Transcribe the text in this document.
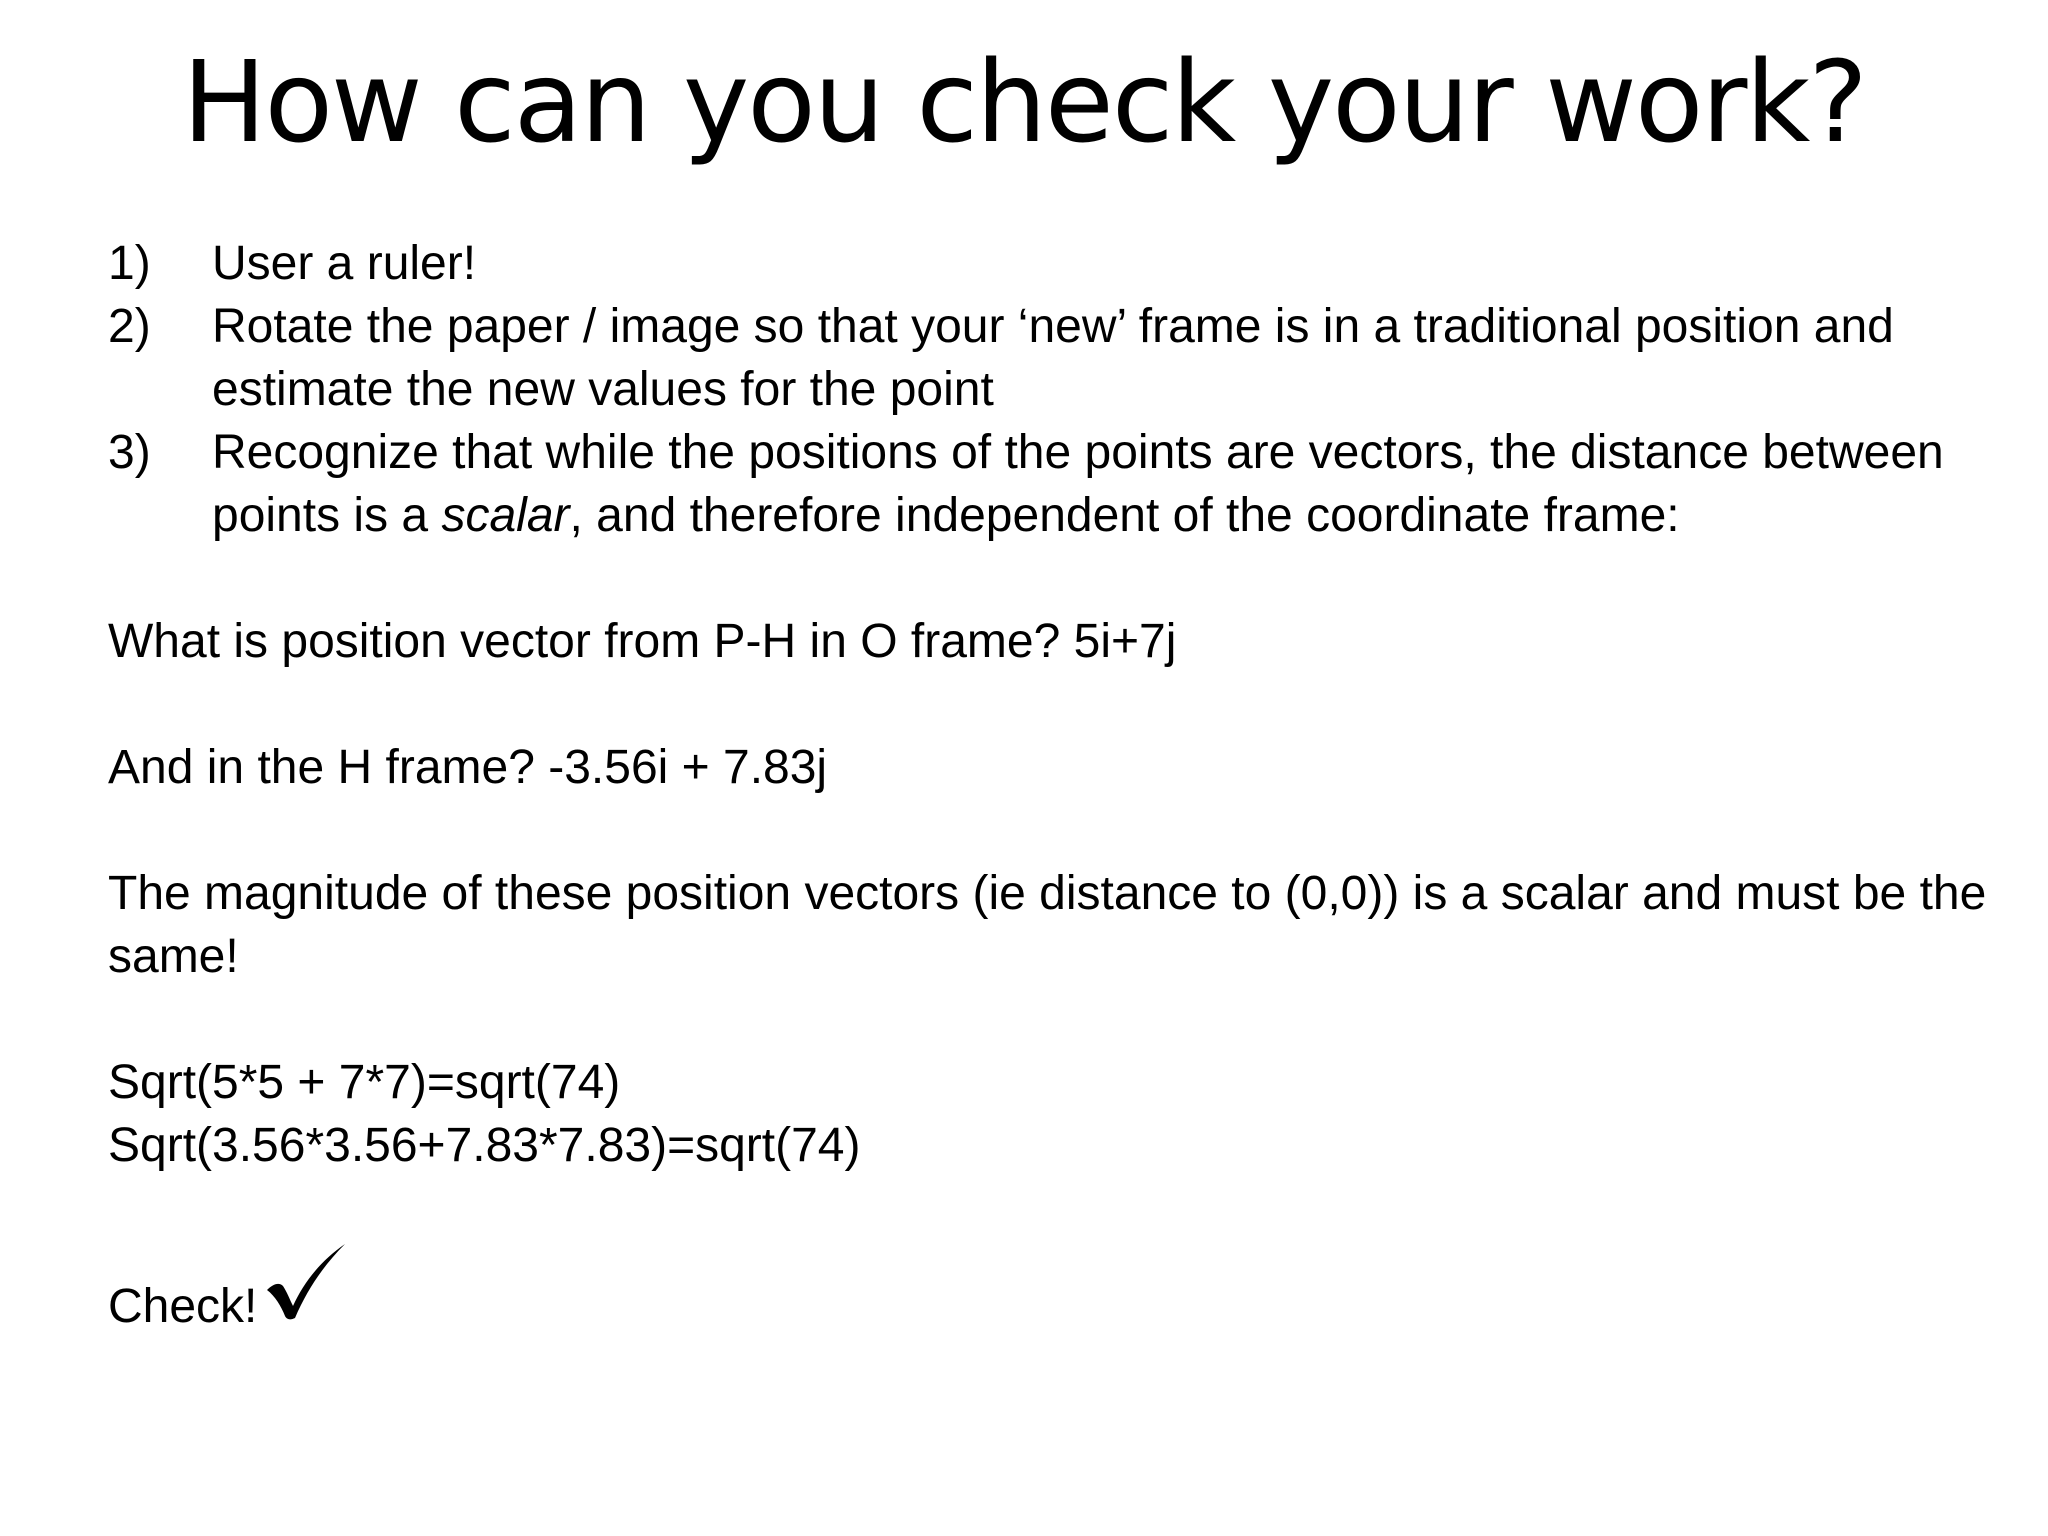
How can you check your work?
1)	User a ruler!
2)	Rotate the paper / image so that your ‘new’ frame is in a traditional position and estimate the new values for the point
3)	Recognize that while the positions of the points are vectors, the distance between points is a scalar, and therefore independent of the coordinate frame:

What is position vector from P-H in O frame? 5i+7j

And in the H frame? -3.56i + 7.83j

The magnitude of these position vectors (ie distance to (0,0)) is a scalar and must be the same!

Sqrt(5*5 + 7*7)=sqrt(74)

Sqrt(3.56*3.56+7.83*7.83)=sqrt(74)

Check!
